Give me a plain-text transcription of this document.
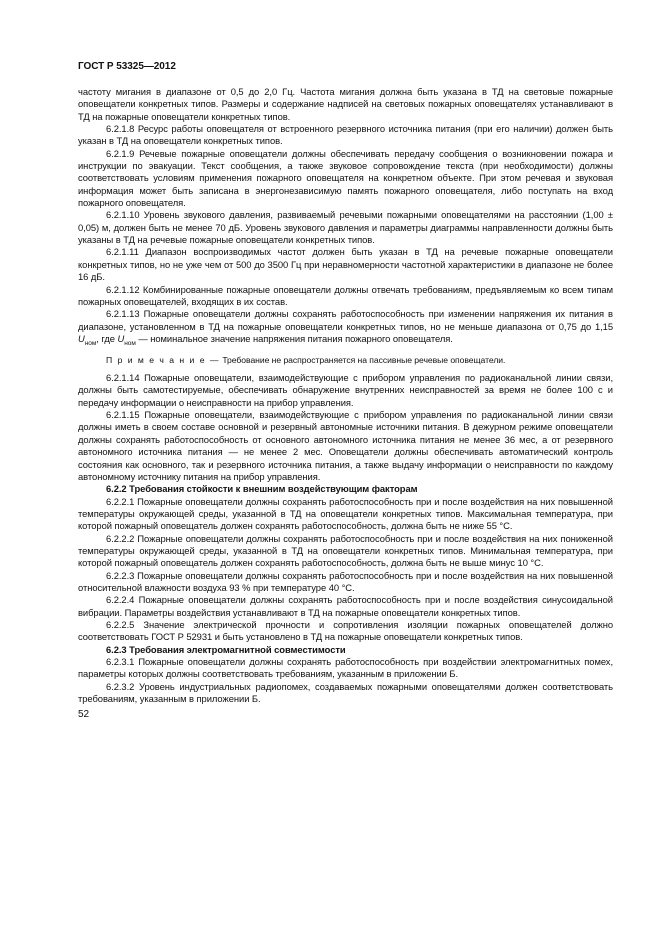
ГОСТ Р 53325—2012

частоту мигания в диапазоне от 0,5 до 2,0 Гц. Частота мигания должна быть указана в ТД на световые пожарные оповещатели конкретных типов. Размеры и содержание надписей на световых пожарных оповещателях устанавливают в ТД на пожарные оповещатели конкретных типов.

6.2.1.8 Ресурс работы оповещателя от встроенного резервного источника питания (при его наличии) должен быть указан в ТД на оповещатели конкретных типов.

6.2.1.9 Речевые пожарные оповещатели должны обеспечивать передачу сообщения о возникновении пожара и инструкции по эвакуации. Текст сообщения, а также звуковое сопровождение текста (при необходимости) должны соответствовать условиям применения пожарного оповещателя на конкретном объекте. При этом речевая и звуковая информация может быть записана в энергонезависимую память пожарного оповещателя, либо поступать на вход пожарного оповещателя.

6.2.1.10 Уровень звукового давления, развиваемый речевыми пожарными оповещателями на расстоянии (1,00 ± 0,05) м, должен быть не менее 70 дБ. Уровень звукового давления и параметры диаграммы направленности должны быть указаны в ТД на речевые пожарные оповещатели конкретных типов.

6.2.1.11 Диапазон воспроизводимых частот должен быть указан в ТД на речевые пожарные оповещатели конкретных типов, но не уже чем от 500 до 3500 Гц при неравномерности частотной характеристики в диапазоне не более 16 дБ.

6.2.1.12 Комбинированные пожарные оповещатели должны отвечать требованиям, предъявляемым ко всем типам пожарных оповещателей, входящих в их состав.

6.2.1.13 Пожарные оповещатели должны сохранять работоспособность при изменении напряжения их питания в диапазоне, установленном в ТД на пожарные оповещатели конкретных типов, но не меньше диапазона от 0,75 до 1,15 $U_{ном}$, где $U_{ном}$ — номинальное значение напряжения питания пожарного оповещателя.

П р и м е ч а н и е — Требование не распространяется на пассивные речевые оповещатели.

6.2.1.14 Пожарные оповещатели, взаимодействующие с прибором управления по радиоканальной линии связи, должны быть самотестируемые, обеспечивать обнаружение внутренних неисправностей за время не более 100 с и передачу информации о неисправности на прибор управления.

6.2.1.15 Пожарные оповещатели, взаимодействующие с прибором управления по радиоканальной линии связи должны иметь в своем составе основной и резервный автономные источники питания. В дежурном режиме оповещатели должны сохранять работоспособность от основного автономного источника питания не менее 36 мес, а от резервного автономного источника питания — не менее 2 мес. Оповещатели должны обеспечивать автоматический контроль состояния как основного, так и резервного источника питания, а также выдачу информации о неисправности по каждому автономному источнику питания на прибор управления.

6.2.2 Требования стойкости к внешним воздействующим факторам

6.2.2.1 Пожарные оповещатели должны сохранять работоспособность при и после воздействия на них повышенной температуры окружающей среды, указанной в ТД на оповещатели конкретных типов. Максимальная температура, при которой пожарный оповещатель должен сохранять работоспособность, должна быть не ниже 55 °С.

6.2.2.2 Пожарные оповещатели должны сохранять работоспособность при и после воздействия на них пониженной температуры окружающей среды, указанной в ТД на оповещатели конкретных типов. Минимальная температура, при которой пожарный оповещатель должен сохранять работоспособность, должна быть не выше минус 10 °С.

6.2.2.3 Пожарные оповещатели должны сохранять работоспособность при и после воздействия на них повышенной относительной влажности воздуха 93 % при температуре 40 °С.

6.2.2.4 Пожарные оповещатели должны сохранять работоспособность при и после воздействия синусоидальной вибрации. Параметры воздействия устанавливают в ТД на пожарные оповещатели конкретных типов.

6.2.2.5 Значение электрической прочности и сопротивления изоляции пожарных оповещателей должно соответствовать ГОСТ Р 52931 и быть установлено в ТД на пожарные оповещатели конкретных типов.

6.2.3 Требования электромагнитной совместимости

6.2.3.1 Пожарные оповещатели должны сохранять работоспособность при воздействии электромагнитных помех, параметры которых должны соответствовать требованиям, указанным в приложении Б.

6.2.3.2 Уровень индустриальных радиопомех, создаваемых пожарными оповещателями должен соответствовать требованиям, указанным в приложении Б.

52
